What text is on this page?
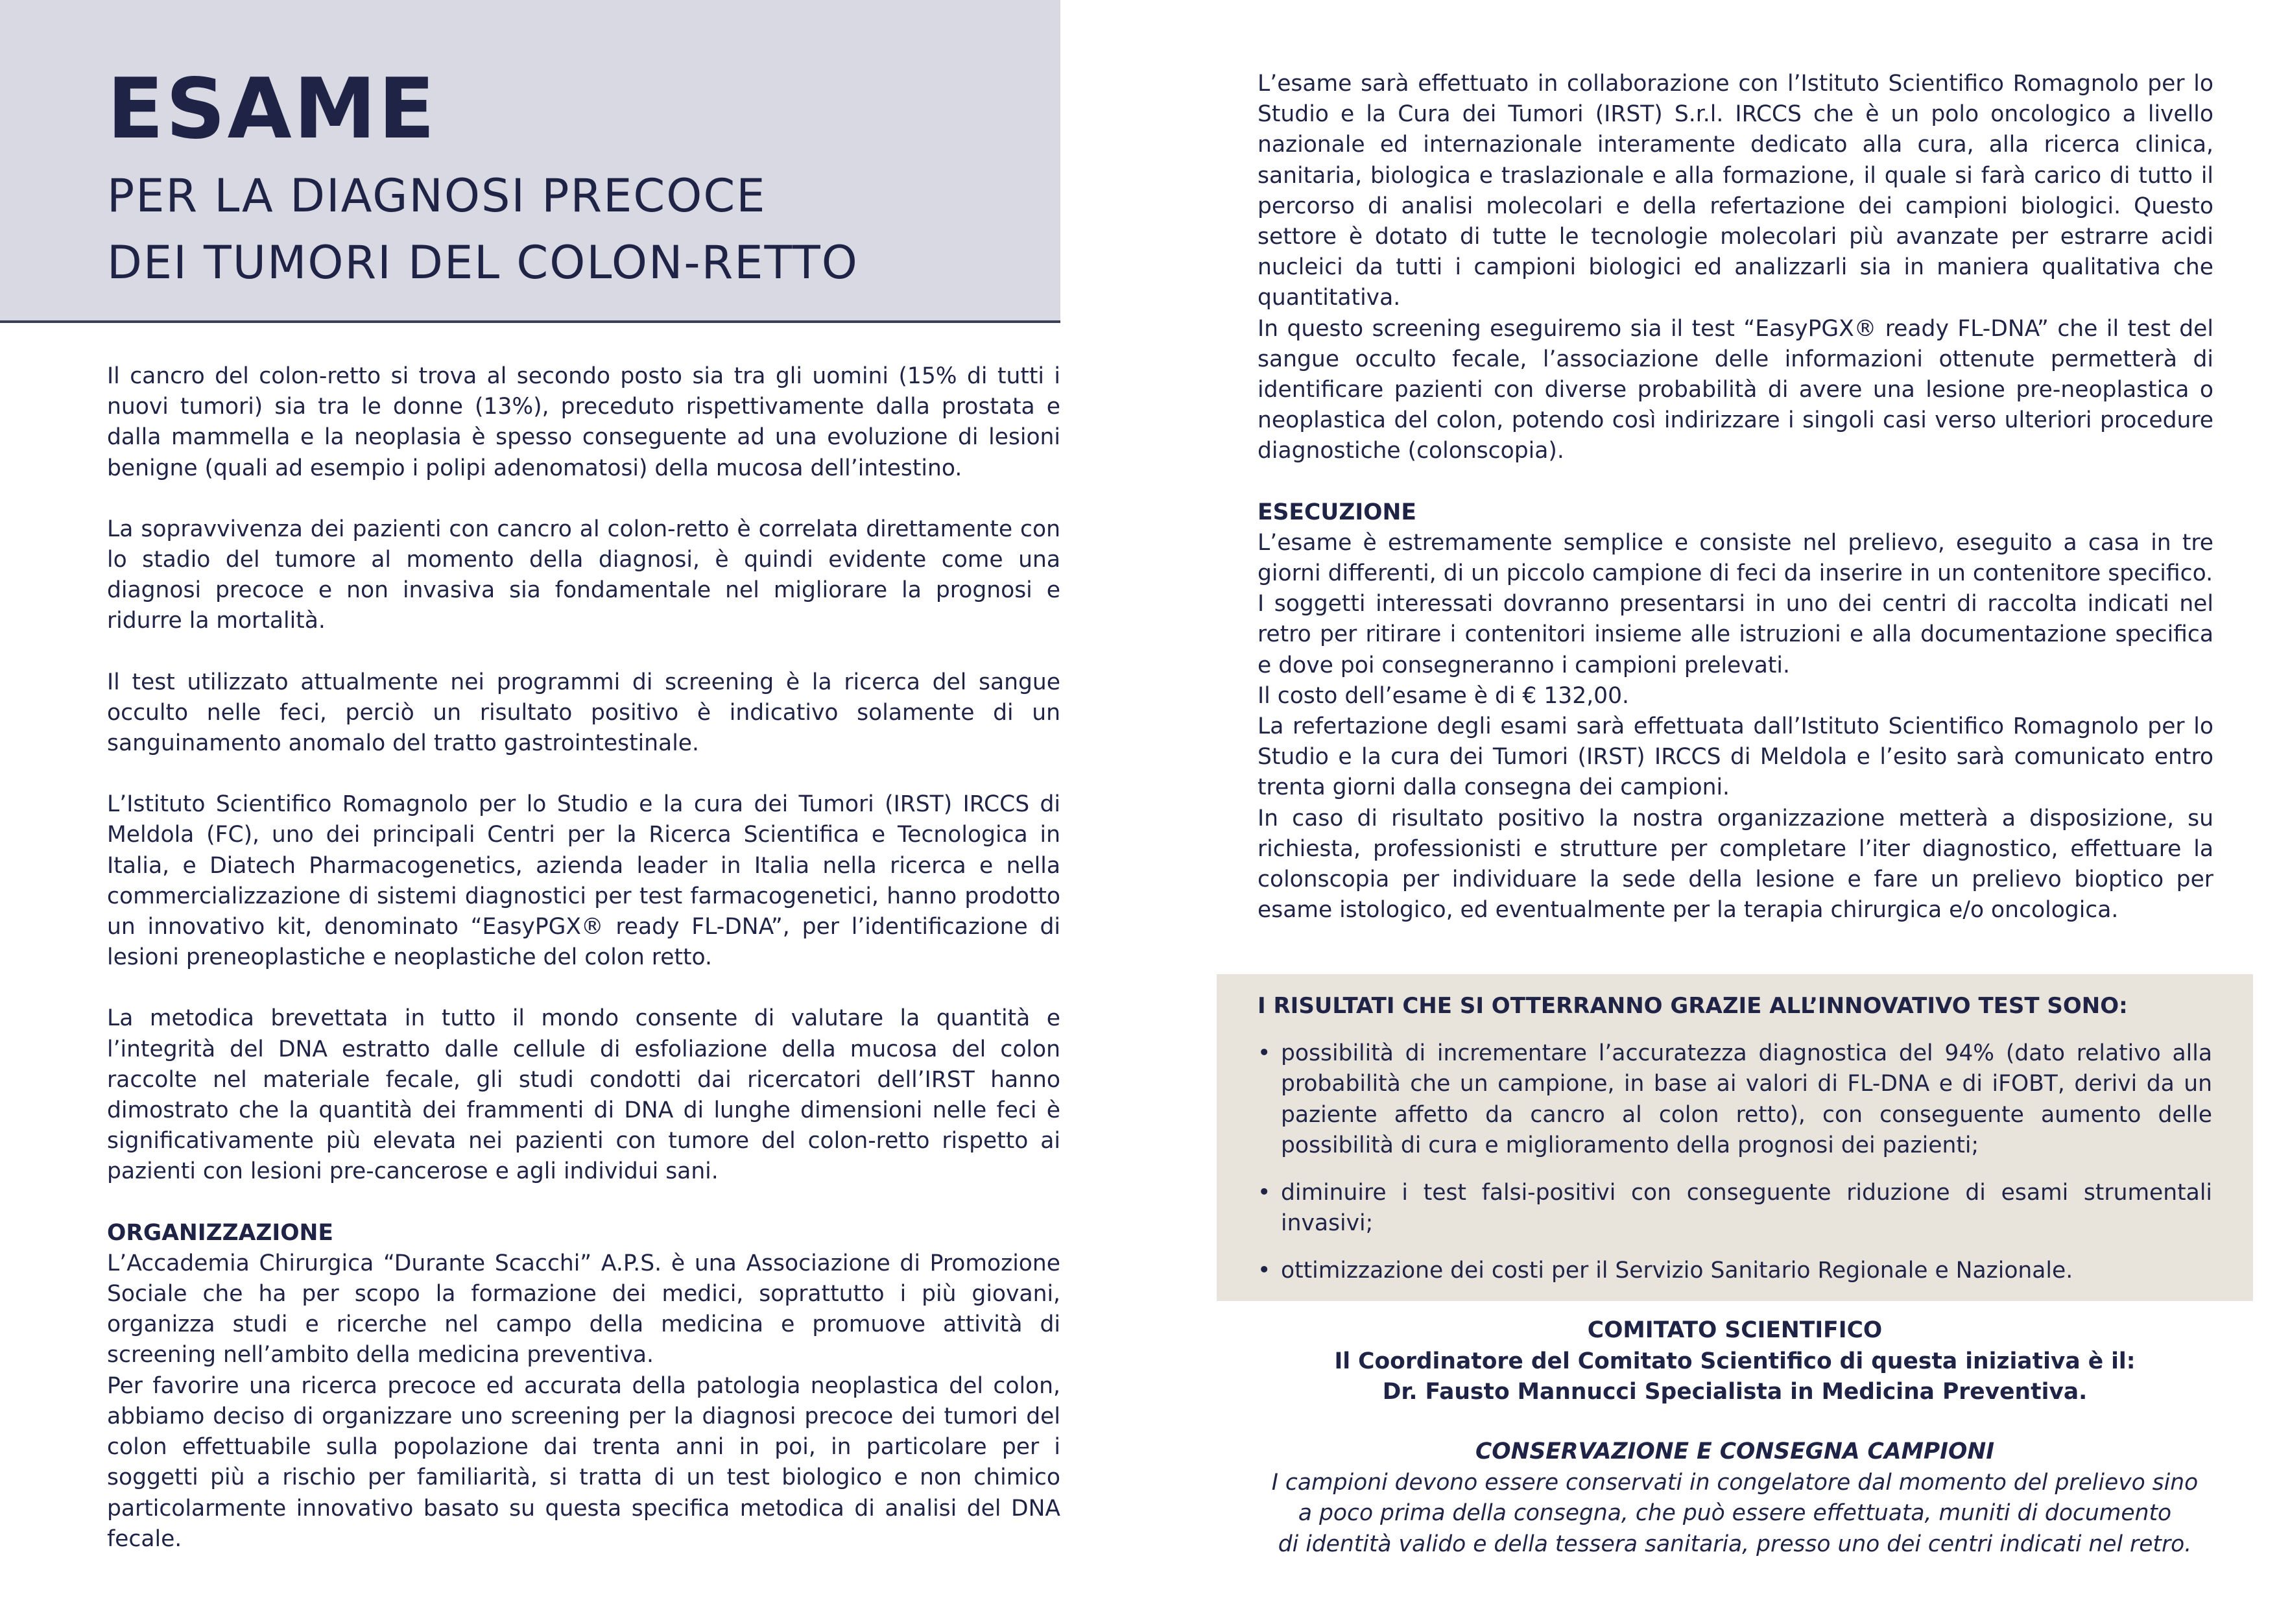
ESAME
PER LA DIAGNOSI PRECOCE
DEI TUMORI DEL COLON-RETTO

Il cancro del colon-retto si trova al secondo posto sia tra gli uomini (15% di tutti i nuovi tumori) sia tra le donne (13%), preceduto rispettivamente dalla prostata e dalla mammella e la neoplasia è spesso conseguente ad una evoluzione di lesioni benigne (quali ad esempio i polipi adenomatosi) della mucosa dell’intestino.

La sopravvivenza dei pazienti con cancro al colon-retto è correlata direttamente con lo stadio del tumore al momento della diagnosi, è quindi evidente come una diagnosi precoce e non invasiva sia fondamentale nel migliorare la prognosi e ridurre la mortalità.

Il test utilizzato attualmente nei programmi di screening è la ricerca del sangue occulto nelle feci, perciò un risultato positivo è indicativo solamente di un sanguinamento anomalo del tratto gastrointestinale.

L’Istituto Scientifico Romagnolo per lo Studio e la cura dei Tumori (IRST) IRCCS di Meldola (FC), uno dei principali Centri per la Ricerca Scientifica e Tecnologica in Italia, e Diatech Pharmacogenetics, azienda leader in Italia nella ricerca e nella commercializzazione di sistemi diagnostici per test farmacogenetici, hanno prodotto un innovativo kit, denominato “EasyPGX® ready FL-DNA”, per l’identificazione di lesioni preneoplastiche e neoplastiche del colon retto.

La metodica brevettata in tutto il mondo consente di valutare la quantità e l’integrità del DNA estratto dalle cellule di esfoliazione della mucosa del colon raccolte nel materiale fecale, gli studi condotti dai ricercatori dell’IRST hanno dimostrato che la quantità dei frammenti di DNA di lunghe dimensioni nelle feci è significativamente più elevata nei pazienti con tumore del colon-retto rispetto ai pazienti con lesioni pre-cancerose e agli individui sani.

ORGANIZZAZIONE

L’Accademia Chirurgica “Durante Scacchi” A.P.S. è una Associazione di Promozione Sociale che ha per scopo la formazione dei medici, soprattutto i più giovani, organizza studi e ricerche nel campo della medicina e promuove attività di screening nell’ambito della medicina preventiva.

Per favorire una ricerca precoce ed accurata della patologia neoplastica del colon, abbiamo deciso di organizzare uno screening per la diagnosi precoce dei tumori del colon effettuabile sulla popolazione dai trenta anni in poi, in particolare per i soggetti più a rischio per familiarità, si tratta di un test biologico e non chimico particolarmente innovativo basato su questa specifica metodica di analisi del DNA fecale.

L’esame sarà effettuato in collaborazione con l’Istituto Scientifico Romagnolo per lo Studio e la Cura dei Tumori (IRST) S.r.l. IRCCS che è un polo oncologico a livello nazionale ed internazionale interamente dedicato alla cura, alla ricerca clinica, sanitaria, biologica e traslazionale e alla formazione, il quale si farà carico di tutto il percorso di analisi molecolari e della refertazione dei campioni biologici. Questo settore è dotato di tutte le tecnologie molecolari più avanzate per estrarre acidi nucleici da tutti i campioni biologici ed analizzarli sia in maniera qualitativa che quantitativa.

In questo screening eseguiremo sia il test “EasyPGX® ready FL-DNA” che il test del sangue occulto fecale, l’associazione delle informazioni ottenute permetterà di identificare pazienti con diverse probabilità di avere una lesione pre-neoplastica o neoplastica del colon, potendo così indirizzare i singoli casi verso ulteriori procedure diagnostiche (colonscopia).

ESECUZIONE

L’esame è estremamente semplice e consiste nel prelievo, eseguito a casa in tre giorni differenti, di un piccolo campione di feci da inserire in un contenitore specifico.

I soggetti interessati dovranno presentarsi in uno dei centri di raccolta indicati nel retro per ritirare i contenitori insieme alle istruzioni e alla documentazione specifica e dove poi consegneranno i campioni prelevati.

Il costo dell’esame è di € 132,00.

La refertazione degli esami sarà effettuata dall’Istituto Scientifico Romagnolo per lo Studio e la cura dei Tumori (IRST) IRCCS di Meldola e l’esito sarà comunicato entro trenta giorni dalla consegna dei campioni.

In caso di risultato positivo la nostra organizzazione metterà a disposizione, su richiesta, professionisti e strutture per completare l’iter diagnostico, effettuare la colonscopia per individuare la sede della lesione e fare un prelievo bioptico per esame istologico, ed eventualmente per la terapia chirurgica e/o oncologica.

I RISULTATI CHE SI OTTERRANNO GRAZIE ALL’INNOVATIVO TEST SONO:

• possibilità di incrementare l’accuratezza diagnostica del 94% (dato relativo alla probabilità che un campione, in base ai valori di FL-DNA e di iFOBT, derivi da un paziente affetto da cancro al colon retto), con conseguente aumento delle possibilità di cura e miglioramento della prognosi dei pazienti;
• diminuire i test falsi-positivi con conseguente riduzione di esami strumentali invasivi;
• ottimizzazione dei costi per il Servizio Sanitario Regionale e Nazionale.
COMITATO SCIENTIFICO
Il Coordinatore del Comitato Scientifico di questa iniziativa è il:
Dr. Fausto Mannucci Specialista in Medicina Preventiva.
CONSERVAZIONE E CONSEGNA CAMPIONI
I campioni devono essere conservati in congelatore dal momento del prelievo sino
a poco prima della consegna, che può essere effettuata, muniti di documento
di identità valido e della tessera sanitaria, presso uno dei centri indicati nel retro.
